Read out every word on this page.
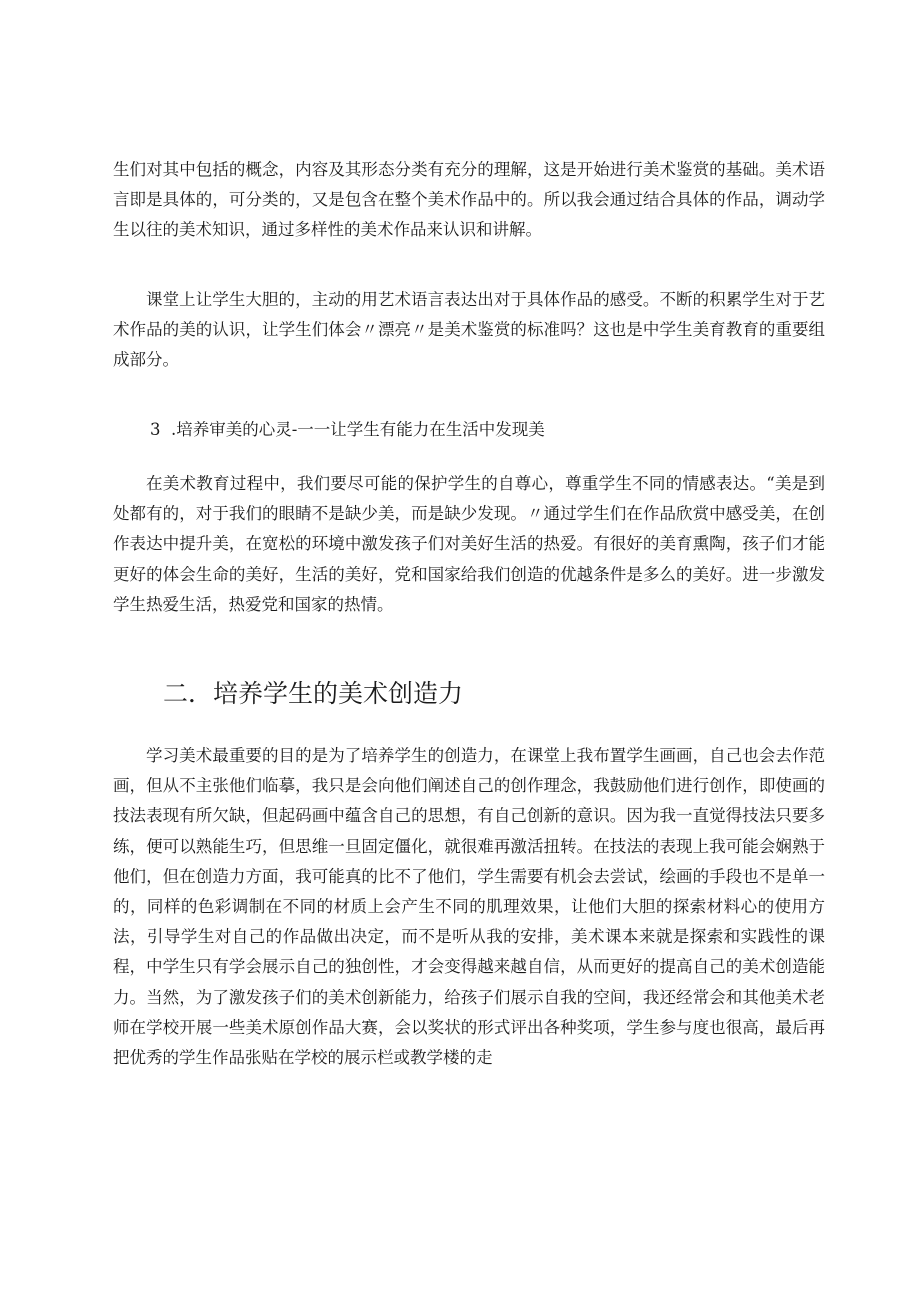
生们对其中包括的概念，内容及其形态分类有充分的理解，这是开始进行美术鉴赏的基础。美术语言即是具体的，可分类的，又是包含在整个美术作品中的。所以我会通过结合具体的作品，调动学生以往的美术知识，通过多样性的美术作品来认识和讲解。

课堂上让学生大胆的，主动的用艺术语言表达出对于具体作品的感受。不断的积累学生对于艺术作品的美的认识，让学生们体会〃漂亮〃是美术鉴赏的标准吗？这也是中学生美育教育的重要组成部分。

3	.培养审美的心灵-一一让学生有能力在生活中发现美

在美术教育过程中，我们要尽可能的保护学生的自尊心，尊重学生不同的情感表达。“美是到处都有的，对于我们的眼睛不是缺少美，而是缺少发现。〃通过学生们在作品欣赏中感受美，在创作表达中提升美，在宽松的环境中激发孩子们对美好生活的热爱。有很好的美育熏陶，孩子们才能更好的体会生命的美好，生活的美好，党和国家给我们创造的优越条件是多么的美好。进一步激发学生热爱生活，热爱党和国家的热情。

二．培养学生的美术创造力

学习美术最重要的目的是为了培养学生的创造力，在课堂上我布置学生画画，自己也会去作范画，但从不主张他们临摹，我只是会向他们阐述自己的创作理念，我鼓励他们进行创作，即使画的技法表现有所欠缺，但起码画中蕴含自己的思想，有自己创新的意识。因为我一直觉得技法只要多练，便可以熟能生巧，但思维一旦固定僵化，就很难再激活扭转。在技法的表现上我可能会娴熟于他们，但在创造力方面，我可能真的比不了他们，学生需要有机会去尝试，绘画的手段也不是单一的，同样的色彩调制在不同的材质上会产生不同的肌理效果，让他们大胆的探索材料心的使用方法，引导学生对自己的作品做出决定，而不是听从我的安排，美术课本来就是探索和实践性的课程，中学生只有学会展示自己的独创性，才会变得越来越自信，从而更好的提高自己的美术创造能力。当然，为了激发孩子们的美术创新能力，给孩子们展示自我的空间，我还经常会和其他美术老师在学校开展一些美术原创作品大赛，会以奖状的形式评出各种奖项，学生参与度也很高，最后再把优秀的学生作品张贴在学校的展示栏或教学楼的走
